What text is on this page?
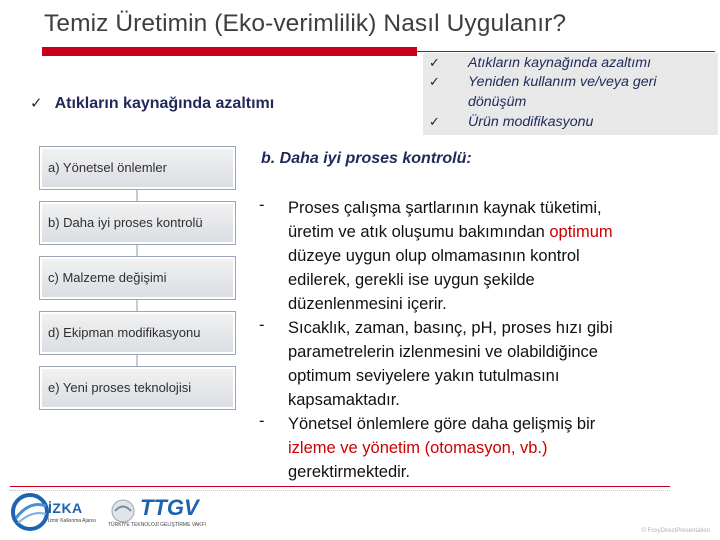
Temiz Üretimin (Eko-verimlilik) Nasıl Uygulanır?
✓ Atıkların kaynağında azaltımı
✓ Atıkların kaynağında azaltımı
✓ Yeniden kullanım ve/veya geri
dönüşüm
✓ Ürün modifikasyonu
a) Yönetsel önlemler
b) Daha iyi proses kontrolü
c) Malzeme değişimi
d) Ekipman modifikasyonu
e) Yeni proses teknolojisi
b. Daha iyi proses kontrolü:
- Proses çalışma şartlarının kaynak tüketimi,
üretim ve atık oluşumu bakımından optimum
düzeye uygun olup olmamasının kontrol
edilerek, gerekli ise uygun şekilde
düzenlenmesini içerir.
- Sıcaklık, zaman, basınç, pH, proses hızı gibi
parametrelerin izlenmesini ve olabildiğince
optimum seviyelere yakın tutulmasını
kapsamaktadır.
- Yönetsel önlemlere göre daha gelişmiş bir
izleme ve yönetim (otomasyon, vb.)
gerektirmektedir.
İZKA
İzmir Kalkınma Ajansı
TTGV
TÜRKİYE TEKNOLOJİ GELİŞTİRME VAKFI
© FoxyDirectPresentation
